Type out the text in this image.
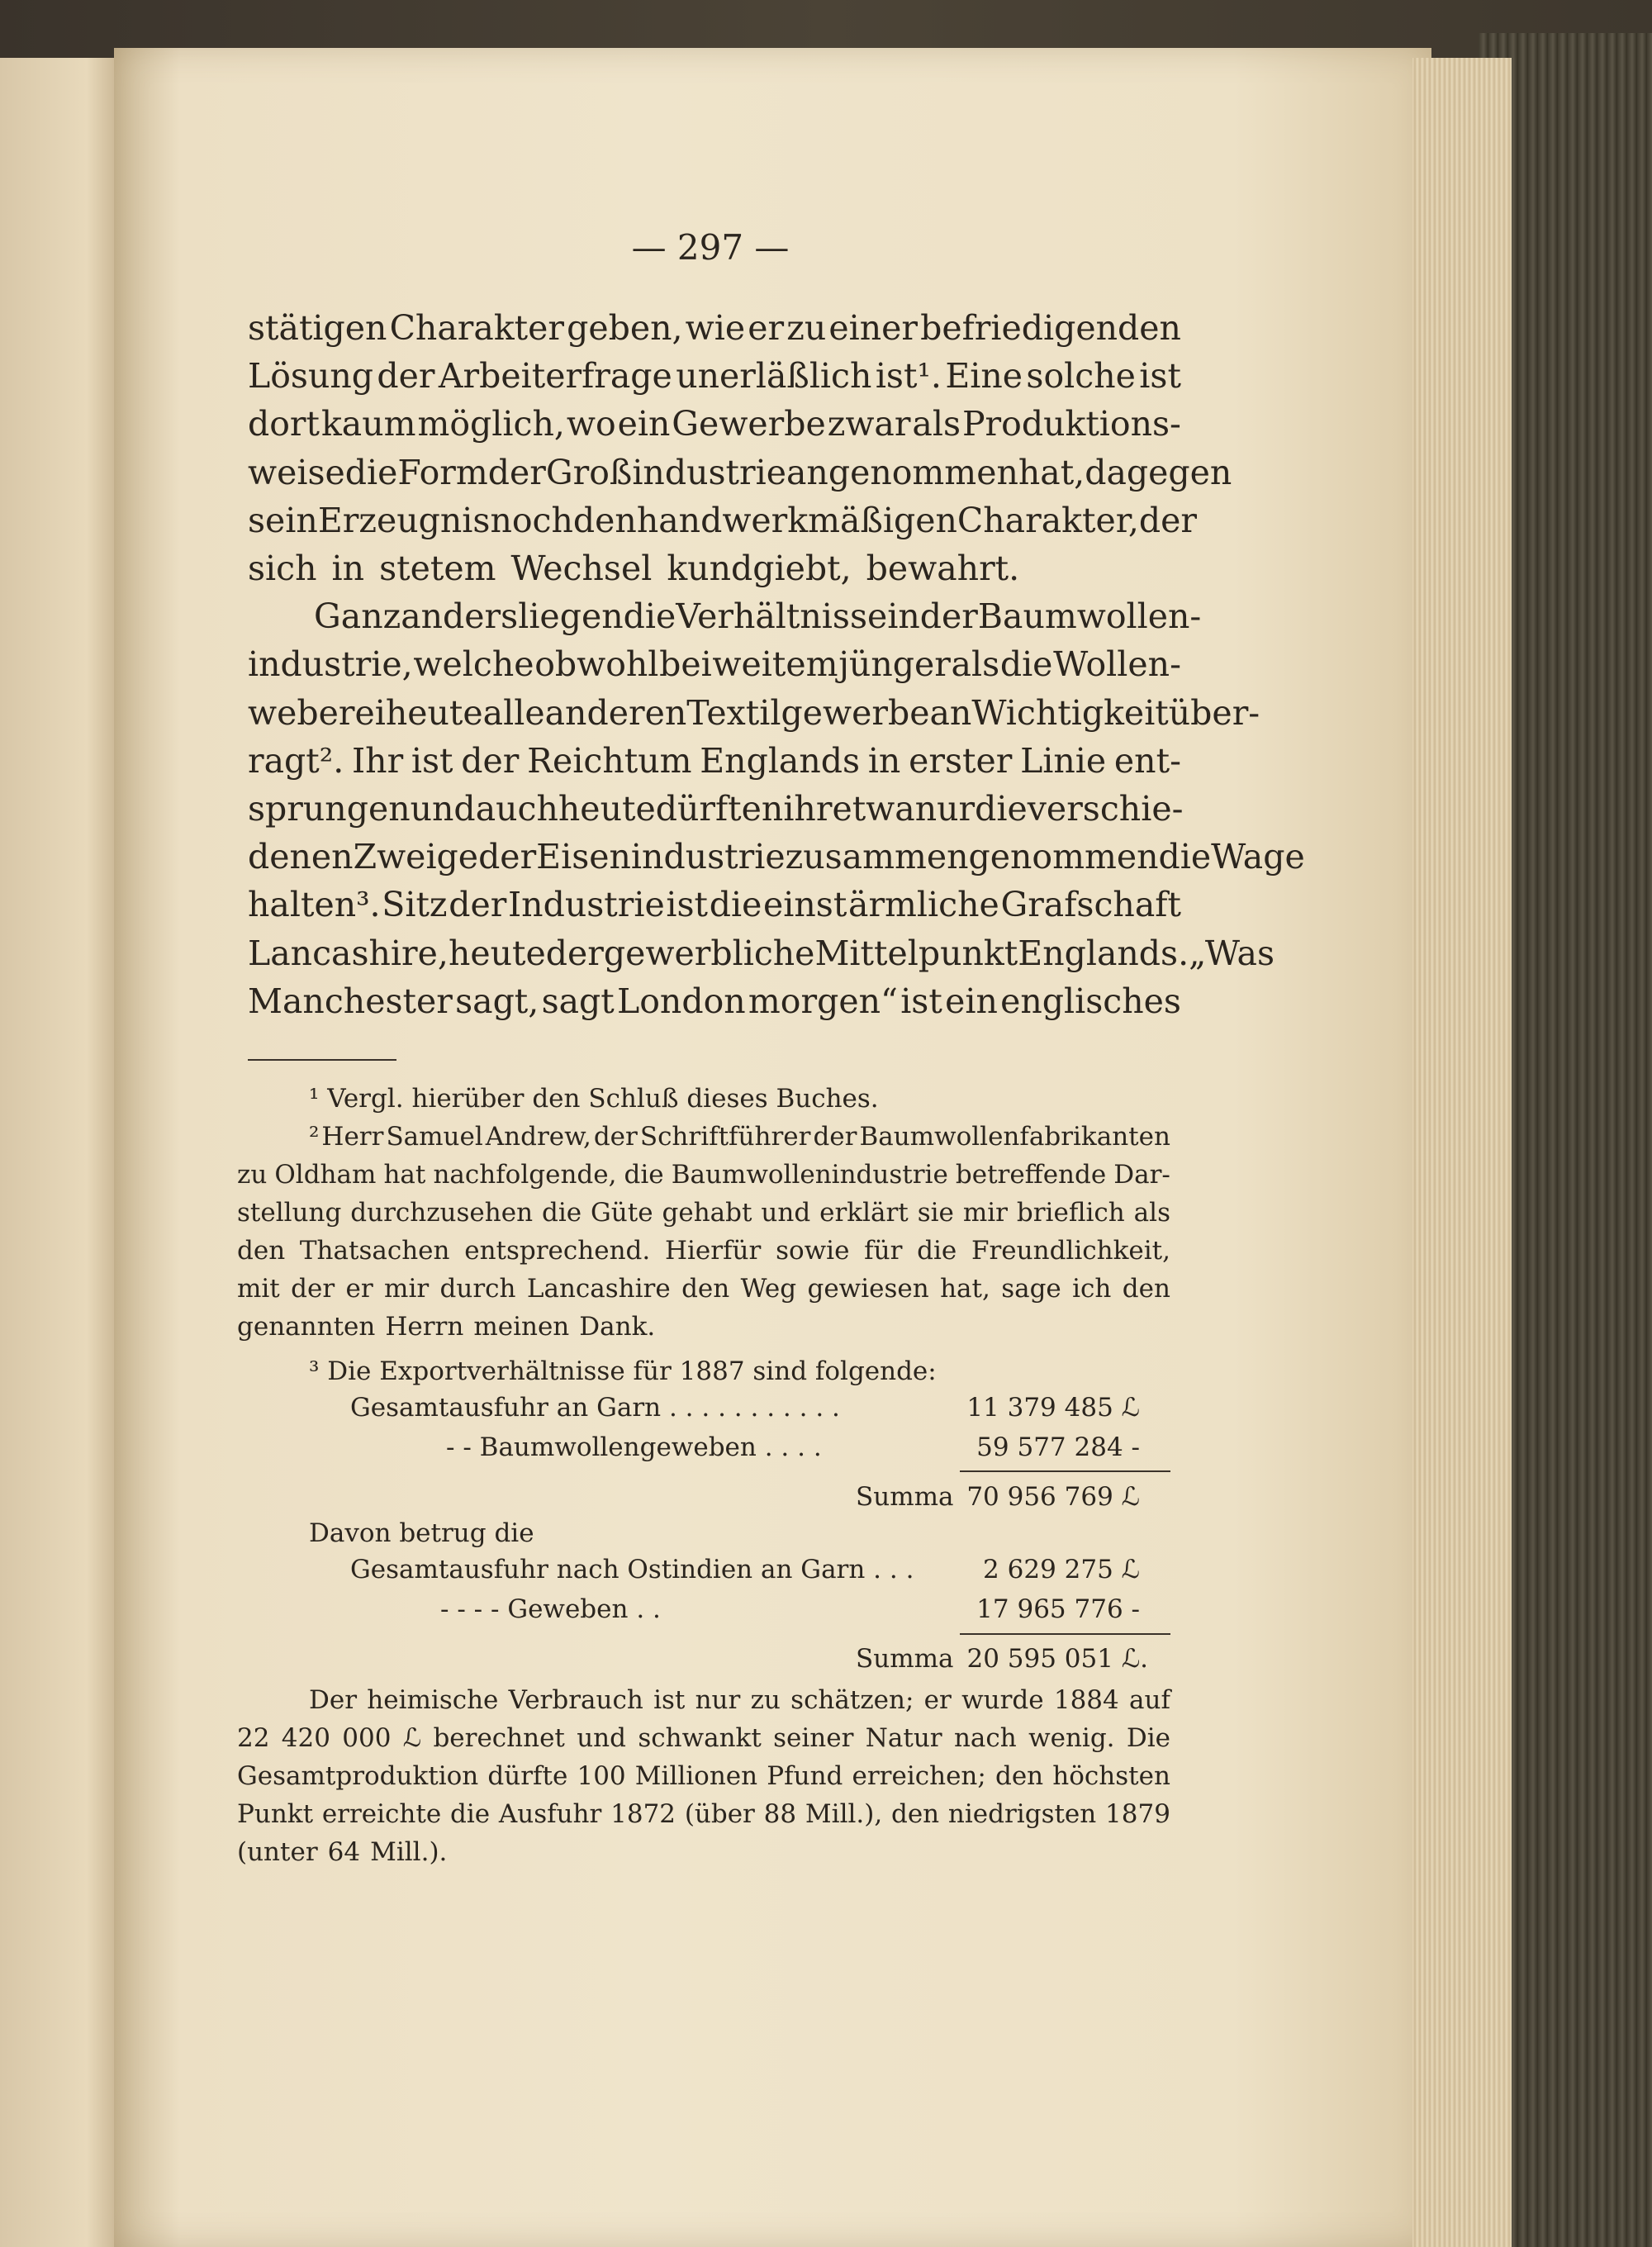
— 297 —
stätigen Charakter geben, wie er zu einer befriedigenden
Lösung der Arbeiterfrage unerläßlich ist¹. Eine solche ist
dort kaum möglich, wo ein Gewerbe zwar als Produktions-
weise die Form der Großindustrie angenommen hat, dagegen
sein Erzeugnis noch den handwerkmäßigen Charakter, der
sich in stetem Wechsel kundgiebt, bewahrt.
Ganz anders liegen die Verhältnisse in der Baumwollen-
industrie, welche obwohl bei weitem jünger als die Wollen-
weberei heute alle anderen Textilgewerbe an Wichtigkeit über-
ragt². Ihr ist der Reichtum Englands in erster Linie ent-
sprungen und auch heute dürften ihr etwa nur die verschie-
denen Zweige der Eisenindustrie zusammengenommen die Wage
halten³. Sitz der Industrie ist die einst ärmliche Grafschaft
Lancashire, heute der gewerbliche Mittelpunkt Englands. „Was
Manchester sagt, sagt London morgen“ ist ein englisches
¹ Vergl. hierüber den Schluß dieses Buches.
² Herr Samuel Andrew, der Schriftführer der Baumwollenfabrikanten
zu Oldham hat nachfolgende, die Baumwollenindustrie betreffende Dar-
stellung durchzusehen die Güte gehabt und erklärt sie mir brieflich als
den Thatsachen entsprechend. Hierfür sowie für die Freundlichkeit,
mit der er mir durch Lancashire den Weg gewiesen hat, sage ich den
genannten Herrn meinen Dank.
³ Die Exportverhältnisse für 1887 sind folgende:
Gesamtausfuhr an Garn . . . . . . . . . . .	11 379 485 ℒ
- - Baumwollengeweben . . . .	59 577 284 -
Summa 70 956 769 ℒ
Davon betrug die
Gesamtausfuhr nach Ostindien an Garn . . .	2 629 275 ℒ
- - - - Geweben . .	17 965 776 -
Summa 20 595 051 ℒ.
Der heimische Verbrauch ist nur zu schätzen; er wurde 1884 auf
22 420 000 ℒ berechnet und schwankt seiner Natur nach wenig. Die
Gesamtproduktion dürfte 100 Millionen Pfund erreichen; den höchsten
Punkt erreichte die Ausfuhr 1872 (über 88 Mill.), den niedrigsten 1879
(unter 64 Mill.).
